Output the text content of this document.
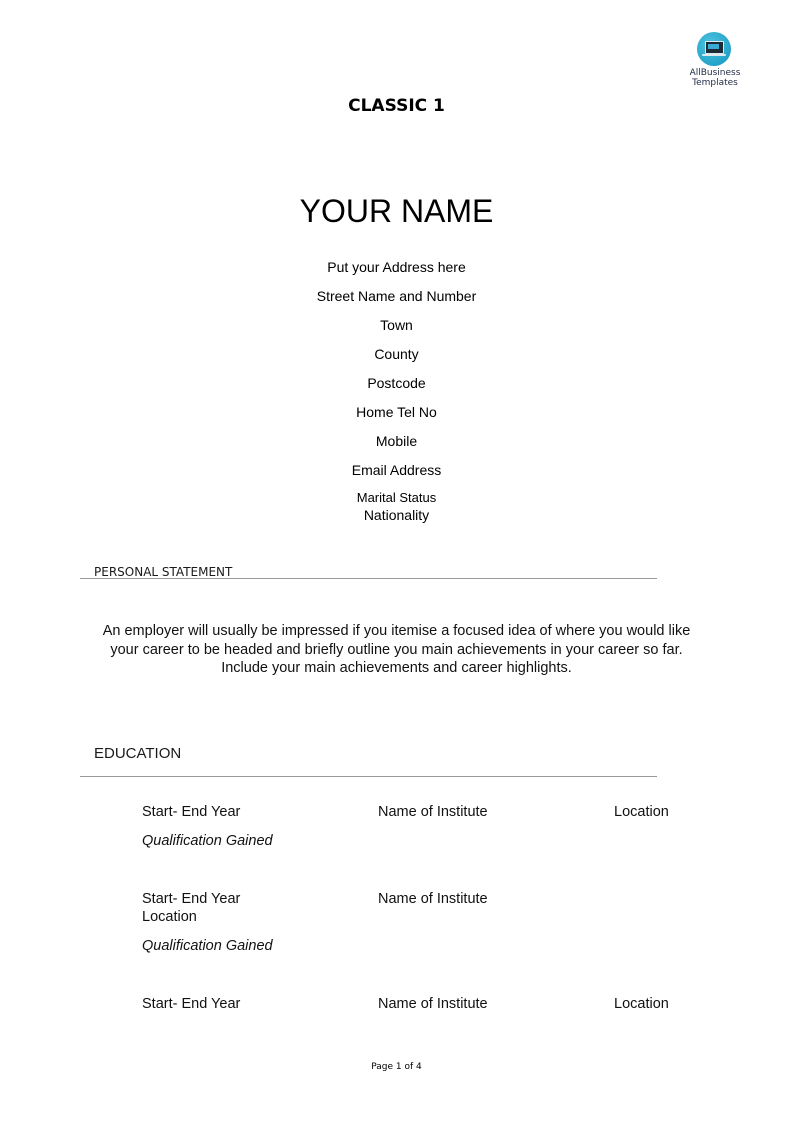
AllBusiness
Templates
CLASSIC 1
YOUR NAME
Put your Address here
Street Name and Number
Town
County
Postcode
Home Tel No
Mobile
Email Address
Marital Status
Nationality
PERSONAL STATEMENT
An employer will usually be impressed if you itemise a focused idea of where you would like
your career to be headed and briefly outline you main achievements in your career so far.
Include your main achievements and career highlights.
EDUCATION
Start- End Year	Name of Institute	Location
Qualification Gained
Start- End Year	Name of Institute
Location
Qualification Gained
Start- End Year	Name of Institute	Location
Page 1 of 4
